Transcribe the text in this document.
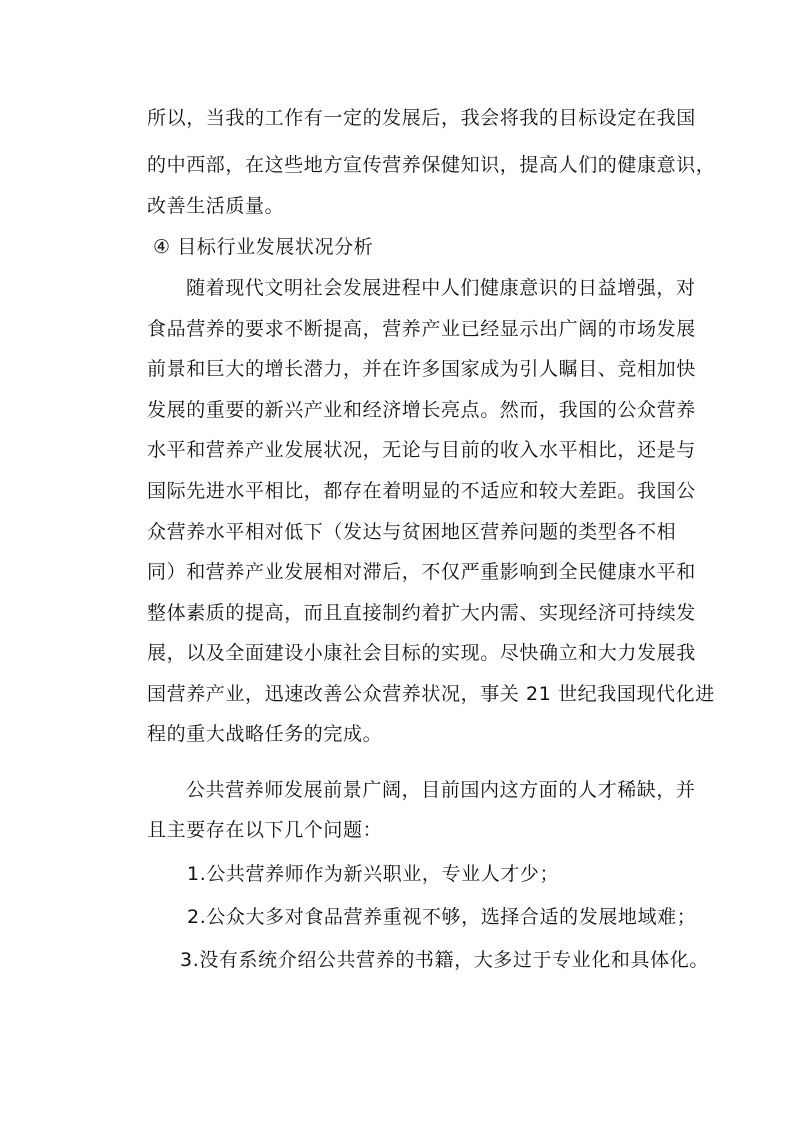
所以，当我的工作有一定的发展后，我会将我的目标设定在我国
的中西部，在这些地方宣传营养保健知识，提高人们的健康意识，
改善生活质量。
④ 目标行业发展状况分析
随着现代文明社会发展进程中人们健康意识的日益增强，对
食品营养的要求不断提高，营养产业已经显示出广阔的市场发展
前景和巨大的增长潜力，并在许多国家成为引人瞩目、竞相加快
发展的重要的新兴产业和经济增长亮点。然而，我国的公众营养
水平和营养产业发展状况，无论与目前的收入水平相比，还是与
国际先进水平相比，都存在着明显的不适应和较大差距。我国公
众营养水平相对低下（发达与贫困地区营养问题的类型各不相
同）和营养产业发展相对滞后，不仅严重影响到全民健康水平和
整体素质的提高，而且直接制约着扩大内需、实现经济可持续发
展，以及全面建设小康社会目标的实现。尽快确立和大力发展我
国营养产业，迅速改善公众营养状况，事关 21 世纪我国现代化进
程的重大战略任务的完成。
公共营养师发展前景广阔，目前国内这方面的人才稀缺，并
且主要存在以下几个问题：
1.公共营养师作为新兴职业，专业人才少；
2.公众大多对食品营养重视不够，选择合适的发展地域难；
3.没有系统介绍公共营养的书籍，大多过于专业化和具体化。
